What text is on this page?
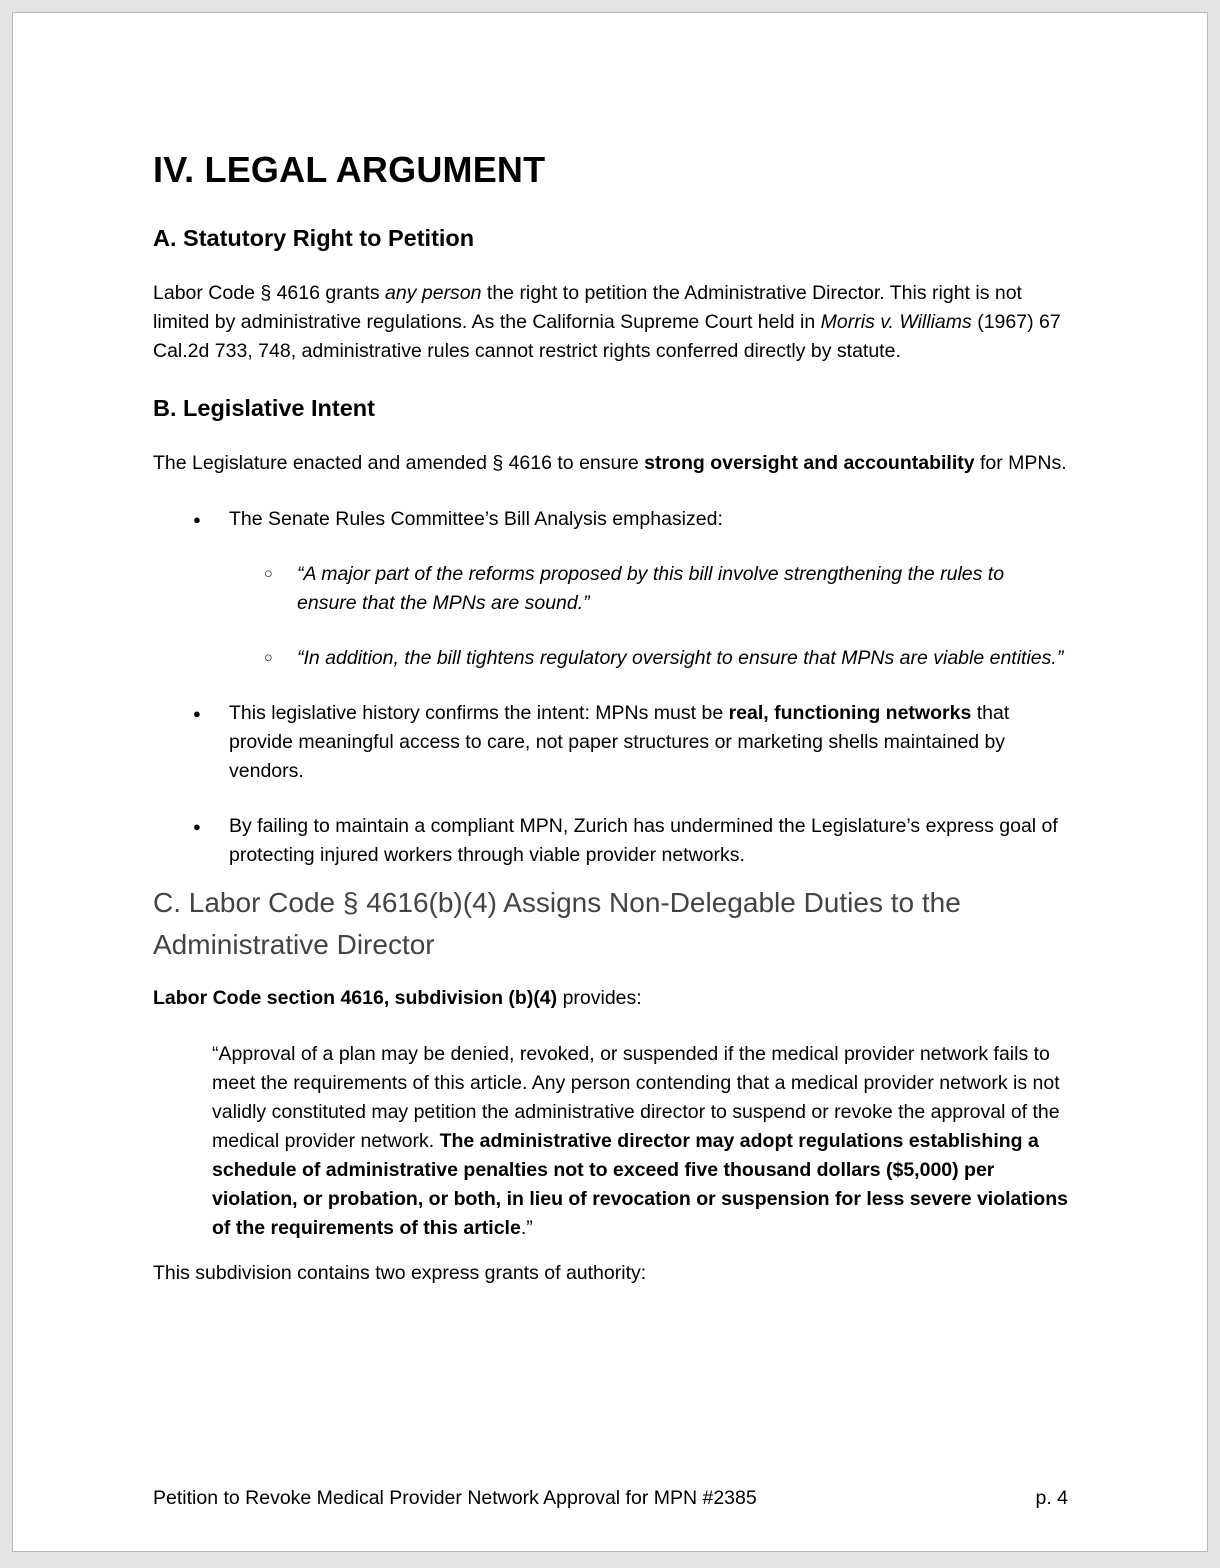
IV. LEGAL ARGUMENT
A. Statutory Right to Petition

Labor Code § 4616 grants any person the right to petition the Administrative Director. This right is not limited by administrative regulations. As the California Supreme Court held in Morris v. Williams (1967) 67 Cal.2d 733, 748, administrative rules cannot restrict rights conferred directly by statute.

B. Legislative Intent

The Legislature enacted and amended § 4616 to ensure strong oversight and accountability for MPNs.

● The Senate Rules Committee’s Bill Analysis emphasized:
○ “A major part of the reforms proposed by this bill involve strengthening the rules to ensure that the MPNs are sound.”
○ “In addition, the bill tightens regulatory oversight to ensure that MPNs are viable entities.”
● This legislative history confirms the intent: MPNs must be real, functioning networks that provide meaningful access to care, not paper structures or marketing shells maintained by vendors.
● By failing to maintain a compliant MPN, Zurich has undermined the Legislature’s express goal of protecting injured workers through viable provider networks.
C. Labor Code § 4616(b)(4) Assigns Non-Delegable Duties to the Administrative Director

Labor Code section 4616, subdivision (b)(4) provides:

“Approval of a plan may be denied, revoked, or suspended if the medical provider network fails to meet the requirements of this article. Any person contending that a medical provider network is not validly constituted may petition the administrative director to suspend or revoke the approval of the medical provider network. The administrative director may adopt regulations establishing a schedule of administrative penalties not to exceed five thousand dollars ($5,000) per violation, or probation, or both, in lieu of revocation or suspension for less severe violations of the requirements of this article.”

This subdivision contains two express grants of authority:

Petition to Revoke Medical Provider Network Approval for MPN #2385	p. 4
